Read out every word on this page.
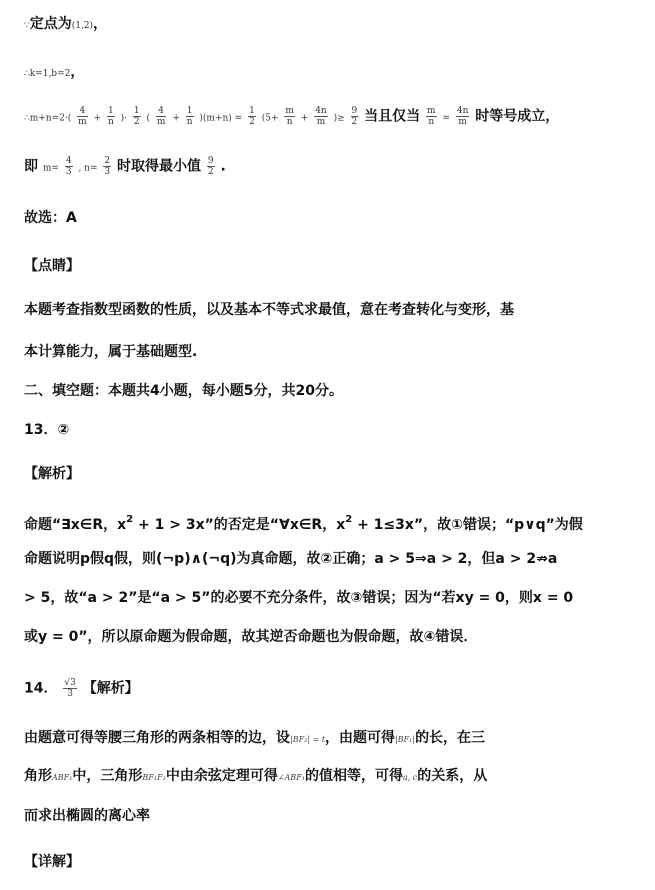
∵定点为(1,2)，
∴k=1,b=2，
∴m+n=2·( $\frac{4}{m} + \frac{1}{n}$ )· $\frac{1}{2}$ ( $\frac{4}{m} + \frac{1}{n} )(m+n) = \frac{1}{2} (5+ \frac{m}{n} + \frac{4n}{m}$ )≥ $\frac{9}{2}$ 当且仅当 $\frac{m}{n} = \frac{4n}{m}$ 时等号成立，
即 $m= \frac{4}{3}$ , $n= \frac{2}{3}$ 时取得最小值 $\frac{9}{2}$ .
故选：A
【点睛】
本题考查指数型函数的性质，以及基本不等式求最值，意在考查转化与变形，基
本计算能力，属于基础题型.
二、填空题：本题共4小题，每小题5分，共20分。
13．②
【解析】
命题“∃x∈R，$x^2 + 1 > 3x$”的否定是“∀x∈R，$x^2 + 1\le 3x$”，故①错误；“p∨q”为假
命题说明p假q假，则(¬p)∧(¬q)为真命题，故②正确；a > 5⇒a > 2，但a > 2⇏a
> 5，故“a > 2”是“a > 5”的必要不充分条件，故③错误；因为“若xy = 0，则x = 0
或y = 0”，所以原命题为假命题，故其逆否命题也为假命题，故④错误．
14． $\frac{√3}{3}$ 【解析】
由题意可得等腰三角形的两条相等的边，设|BF₂| = t，由题可得|BF₁|的长，在三
角形ABF₁中，三角形BF₁F₂中由余弦定理可得∠ABF₁的值相等，可得a, c的关系，从
而求出椭圆的离心率
【详解】
